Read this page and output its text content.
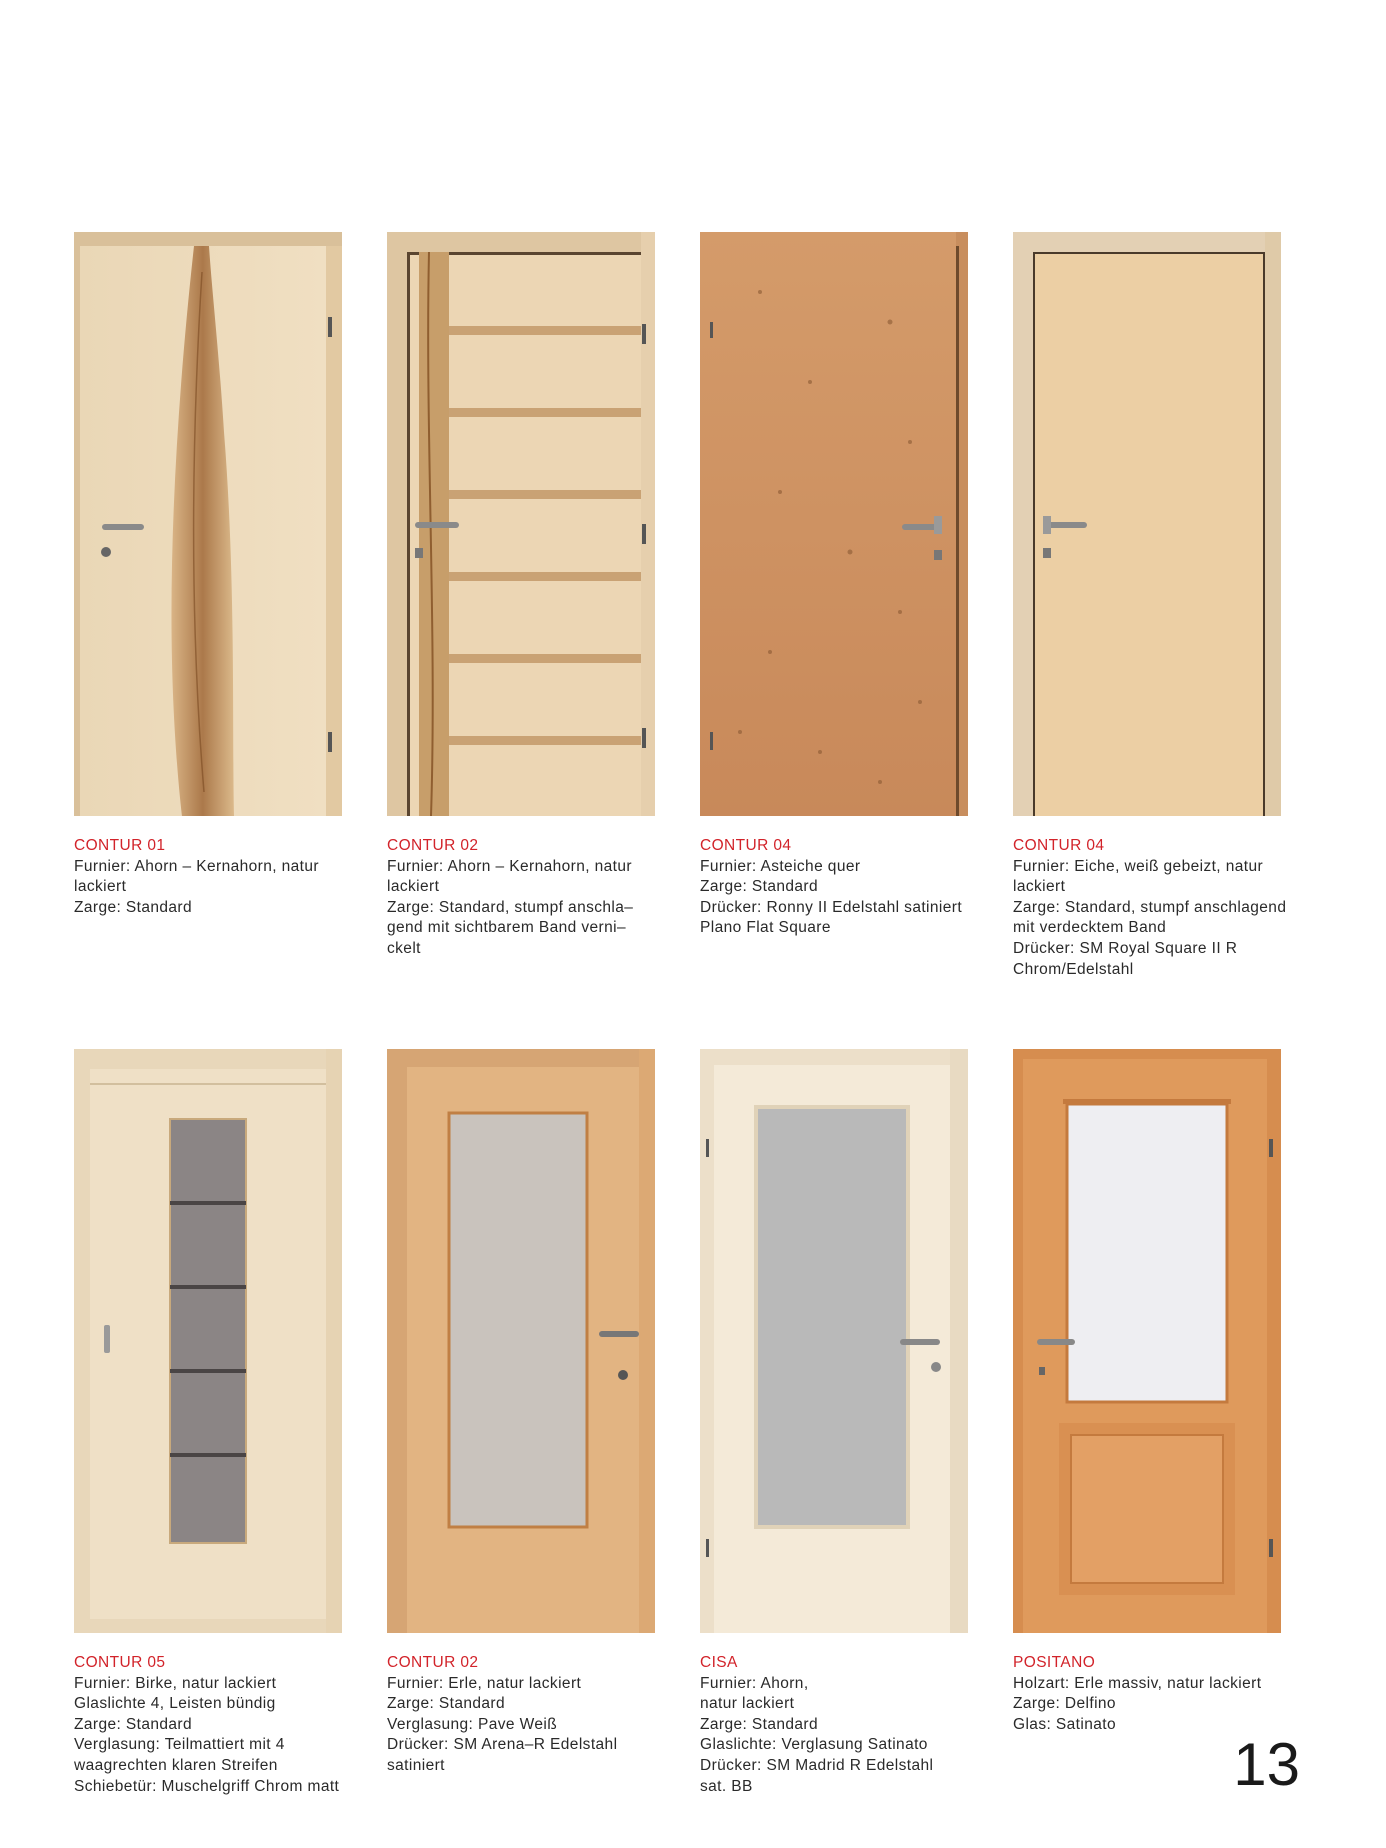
CONTUR 01

Furnier: Ahorn – Kernahorn, natur

lackiert

Zarge: Standard

CONTUR 02

Furnier: Ahorn – Kernahorn, natur

lackiert

Zarge: Standard, stumpf anschla–

gend mit sichtbarem Band verni–

ckelt

CONTUR 04

Furnier: Asteiche quer

Zarge: Standard

Drücker: Ronny II Edelstahl satiniert

Plano Flat Square

CONTUR 04

Furnier: Eiche, weiß gebeizt, natur

lackiert

Zarge: Standard, stumpf anschlagend

mit verdecktem Band

Drücker: SM Royal Square II R

Chrom/Edelstahl

CONTUR 05

Furnier: Birke, natur lackiert

Glaslichte 4, Leisten bündig

Zarge: Standard

Verglasung: Teilmattiert mit 4

waagrechten klaren Streifen

Schiebetür: Muschelgriff Chrom matt

CONTUR 02

Furnier: Erle, natur lackiert

Zarge: Standard

Verglasung: Pave Weiß

Drücker: SM Arena–R Edelstahl

satiniert

CISA

Furnier: Ahorn,

natur lackiert

Zarge: Standard

Glaslichte: Verglasung Satinato

Drücker: SM Madrid R Edelstahl

sat. BB

POSITANO

Holzart: Erle massiv, natur lackiert

Zarge: Delfino

Glas: Satinato

13
